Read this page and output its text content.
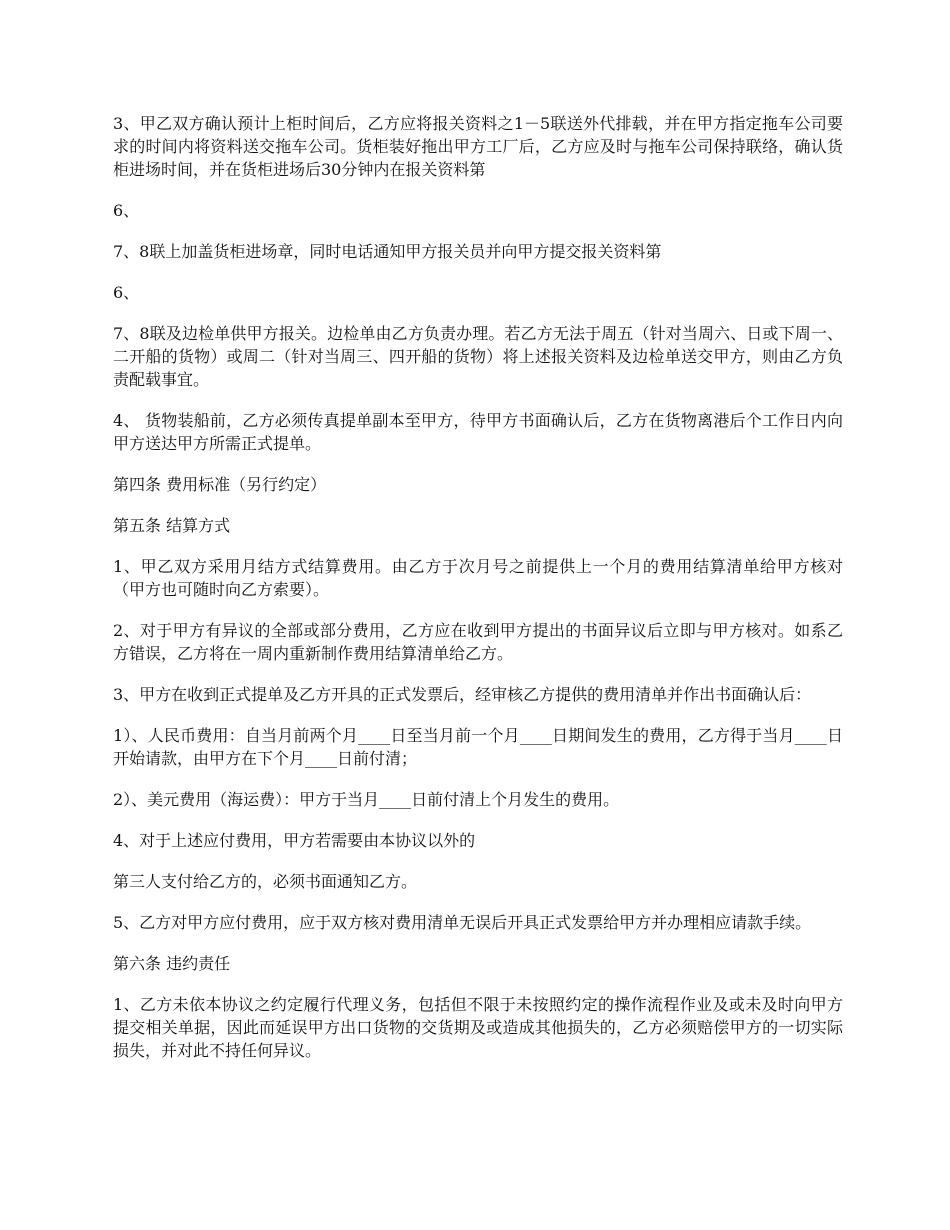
3、甲乙双方确认预计上柜时间后，乙方应将报关资料之1－5联送外代排载，并在甲方指定拖车公司要求的时间内将资料送交拖车公司。货柜装好拖出甲方工厂后，乙方应及时与拖车公司保持联络，确认货柜进场时间，并在货柜进场后30分钟内在报关资料第

6、

7、8联上加盖货柜进场章，同时电话通知甲方报关员并向甲方提交报关资料第

6、

7、8联及边检单供甲方报关。边检单由乙方负责办理。若乙方无法于周五（针对当周六、日或下周一、二开船的货物）或周二（针对当周三、四开船的货物）将上述报关资料及边检单送交甲方，则由乙方负责配载事宜。

4、 货物装船前，乙方必须传真提单副本至甲方，待甲方书面确认后，乙方在货物离港后个工作日内向甲方送达甲方所需正式提单。

第四条 费用标准（另行约定）

第五条 结算方式

1、甲乙双方采用月结方式结算费用。由乙方于次月号之前提供上一个月的费用结算清单给甲方核对（甲方也可随时向乙方索要）。

2、对于甲方有异议的全部或部分费用，乙方应在收到甲方提出的书面异议后立即与甲方核对。如系乙方错误，乙方将在一周内重新制作费用结算清单给乙方。

3、甲方在收到正式提单及乙方开具的正式发票后，经审核乙方提供的费用清单并作出书面确认后：

1）、人民币费用：自当月前两个月____日至当月前一个月____日期间发生的费用，乙方得于当月____日开始请款，由甲方在下个月____日前付清；

2）、美元费用（海运费）：甲方于当月____日前付清上个月发生的费用。

4、对于上述应付费用，甲方若需要由本协议以外的

第三人支付给乙方的，必须书面通知乙方。

5、乙方对甲方应付费用，应于双方核对费用清单无误后开具正式发票给甲方并办理相应请款手续。

第六条 违约责任

1、乙方未依本协议之约定履行代理义务，包括但不限于未按照约定的操作流程作业及或未及时向甲方提交相关单据，因此而延误甲方出口货物的交货期及或造成其他损失的，乙方必须赔偿甲方的一切实际损失，并对此不持任何异议。
